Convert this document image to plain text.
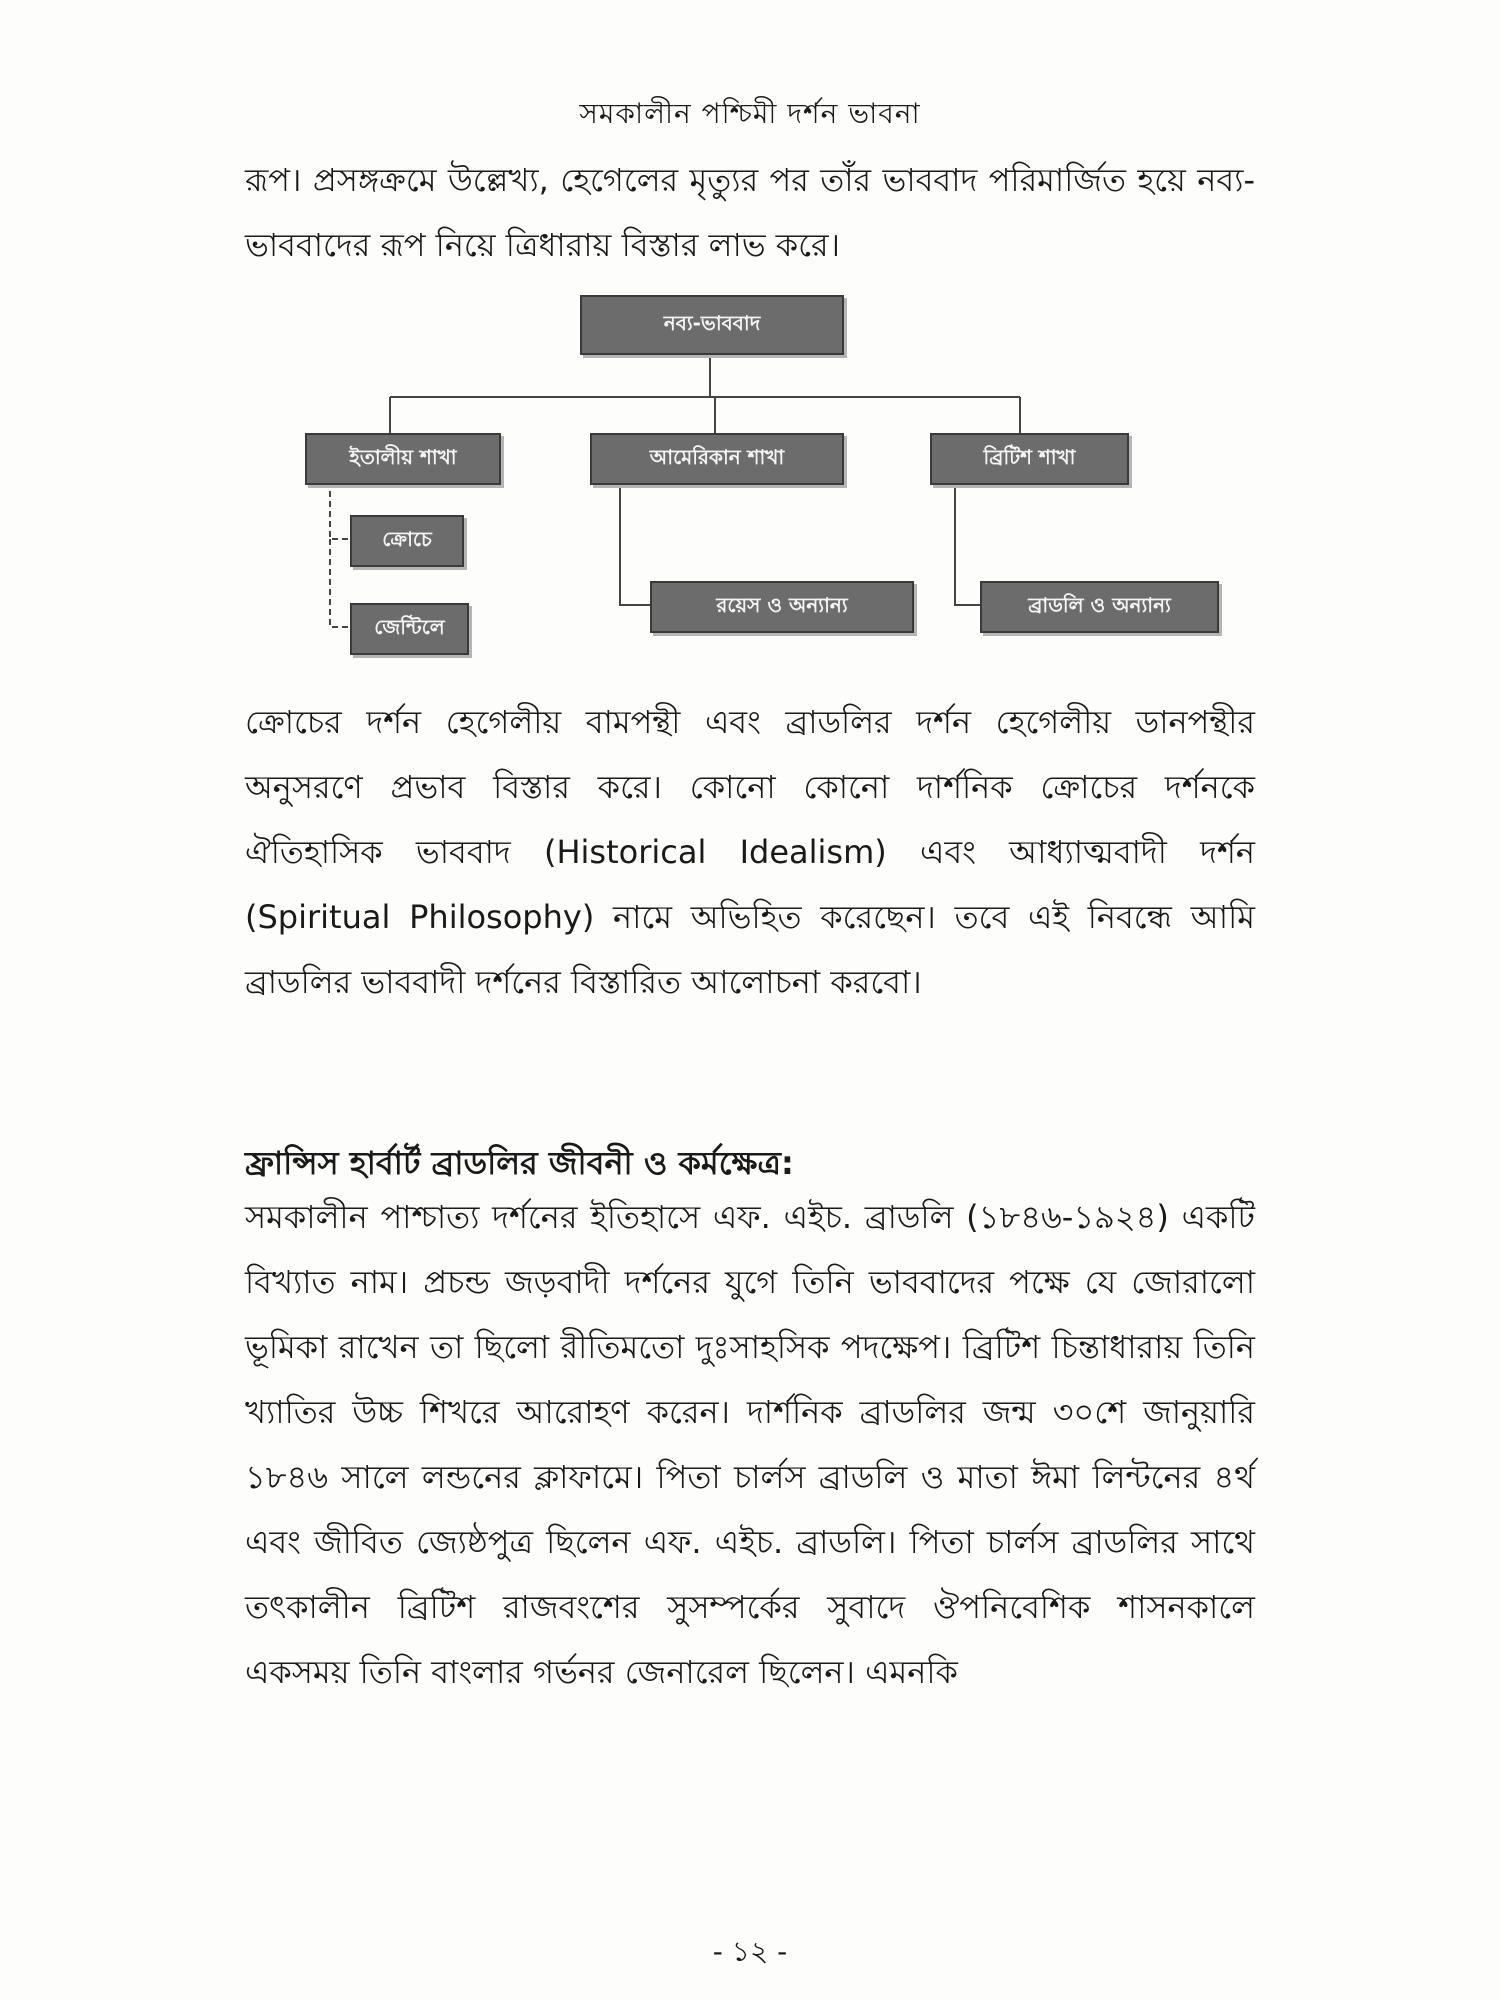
সমকালীন পশ্চিমী দর্শন ভাবনা

রূপ। প্রসঙ্গক্রমে উল্লেখ্য, হেগেলের মৃত্যুর পর তাঁর ভাববাদ পরিমার্জিত হয়ে নব্য-ভাববাদের রূপ নিয়ে ত্রিধারায় বিস্তার লাভ করে।

নব্য-ভাববাদ
ইতালীয় শাখা	আমেরিকান শাখা	ব্রিটিশ শাখা
ক্রোচে
জেন্টিলে
রয়েস ও অন্যান্য	ব্রাডলি ও অন্যান্য

ক্রোচের দর্শন হেগেলীয় বামপন্থী এবং ব্রাডলির দর্শন হেগেলীয় ডানপন্থীর অনুসরণে প্রভাব বিস্তার করে। কোনো কোনো দার্শনিক ক্রোচের দর্শনকে ঐতিহাসিক ভাববাদ (Historical Idealism) এবং আধ্যাত্মবাদী দর্শন (Spiritual Philosophy) নামে অভিহিত করেছেন। তবে এই নিবন্ধে আমি ব্রাডলির ভাববাদী দর্শনের বিস্তারিত আলোচনা করবো।

ফ্রান্সিস হার্বার্ট ব্রাডলির জীবনী ও কর্মক্ষেত্র:

সমকালীন পাশ্চাত্য দর্শনের ইতিহাসে এফ. এইচ. ব্রাডলি (১৮৪৬-১৯২৪) একটি বিখ্যাত নাম। প্রচন্ড জড়বাদী দর্শনের যুগে তিনি ভাববাদের পক্ষে যে জোরালো ভূমিকা রাখেন তা ছিলো রীতিমতো দুঃসাহসিক পদক্ষেপ। ব্রিটিশ চিন্তাধারায় তিনি খ্যাতির উচ্চ শিখরে আরোহণ করেন। দার্শনিক ব্রাডলির জন্ম ৩০শে জানুয়ারি ১৮৪৬ সালে লন্ডনের ক্লাফামে। পিতা চার্লস ব্রাডলি ও মাতা ঈমা লিন্টনের ৪র্থ এবং জীবিত জ্যেষ্ঠপুত্র ছিলেন এফ. এইচ. ব্রাডলি। পিতা চার্লস ব্রাডলির সাথে তৎকালীন ব্রিটিশ রাজবংশের সুসম্পর্কের সুবাদে ঔপনিবেশিক শাসনকালে একসময় তিনি বাংলার গর্ভনর জেনারেল ছিলেন। এমনকি

- ১২ -
